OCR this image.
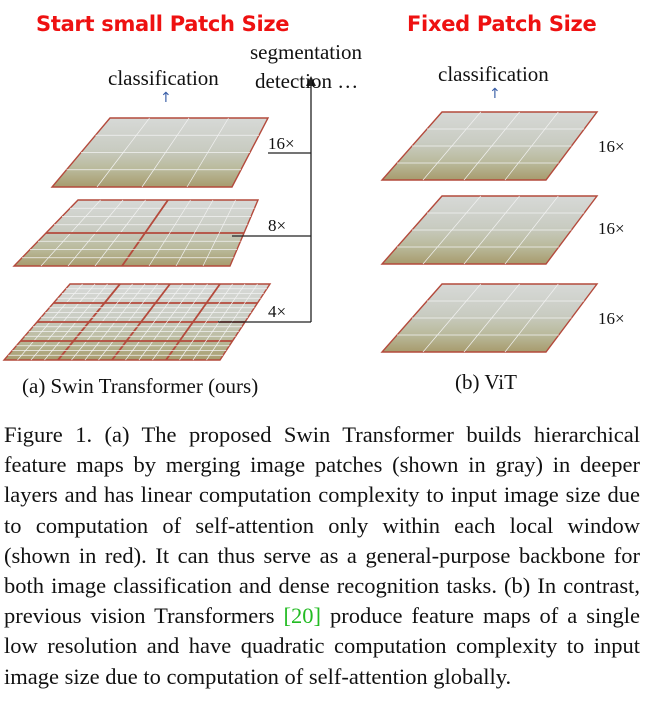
Start small Patch Size	Fixed Patch Size
classification
↑
segmentation
detection …
16×
8×
4×
(a) Swin Transformer (ours)
classification
↑
16×
16×
16×
(b) ViT

Figure 1. (a) The proposed Swin Transformer builds hierarchical feature maps by merging image patches (shown in gray) in deeper layers and has linear computation complexity to input image size due to computation of self-attention only within each local window (shown in red). It can thus serve as a general-purpose backbone for both image classification and dense recognition tasks. (b) In contrast, previous vision Transformers [20] produce feature maps of a single low resolution and have quadratic computation complexity to input image size due to computation of self-attention globally.
